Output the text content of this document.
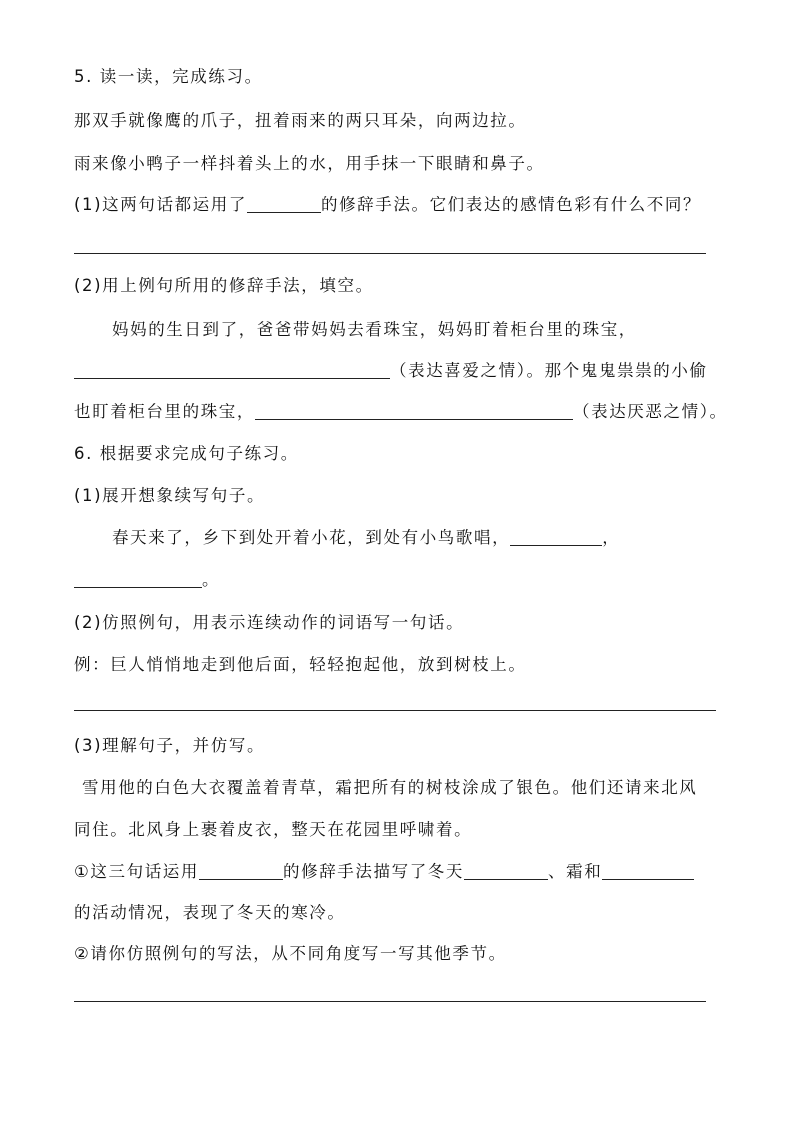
5. 读一读，完成练习。
那双手就像鹰的爪子，扭着雨来的两只耳朵，向两边拉。
雨来像小鸭子一样抖着头上的水，用手抹一下眼睛和鼻子。
(1)这两句话都运用了	的修辞手法。它们表达的感情色彩有什么不同？
(2)用上例句所用的修辞手法，填空。
妈妈的生日到了，爸爸带妈妈去看珠宝，妈妈盯着柜台里的珠宝，
（表达喜爱之情）。那个鬼鬼祟祟的小偷
也盯着柜台里的珠宝，	（表达厌恶之情）。
6. 根据要求完成句子练习。
(1)展开想象续写句子。
春天来了，乡下到处开着小花，到处有小鸟歌唱，	，
。
(2)仿照例句，用表示连续动作的词语写一句话。
例：巨人悄悄地走到他后面，轻轻抱起他，放到树枝上。
(3)理解句子，并仿写。
雪用他的白色大衣覆盖着青草，霜把所有的树枝涂成了银色。他们还请来北风
同住。北风身上裹着皮衣，整天在花园里呼啸着。
①这三句话运用	的修辞手法描写了冬天	、霜和
的活动情况，表现了冬天的寒冷。
②请你仿照例句的写法，从不同角度写一写其他季节。
